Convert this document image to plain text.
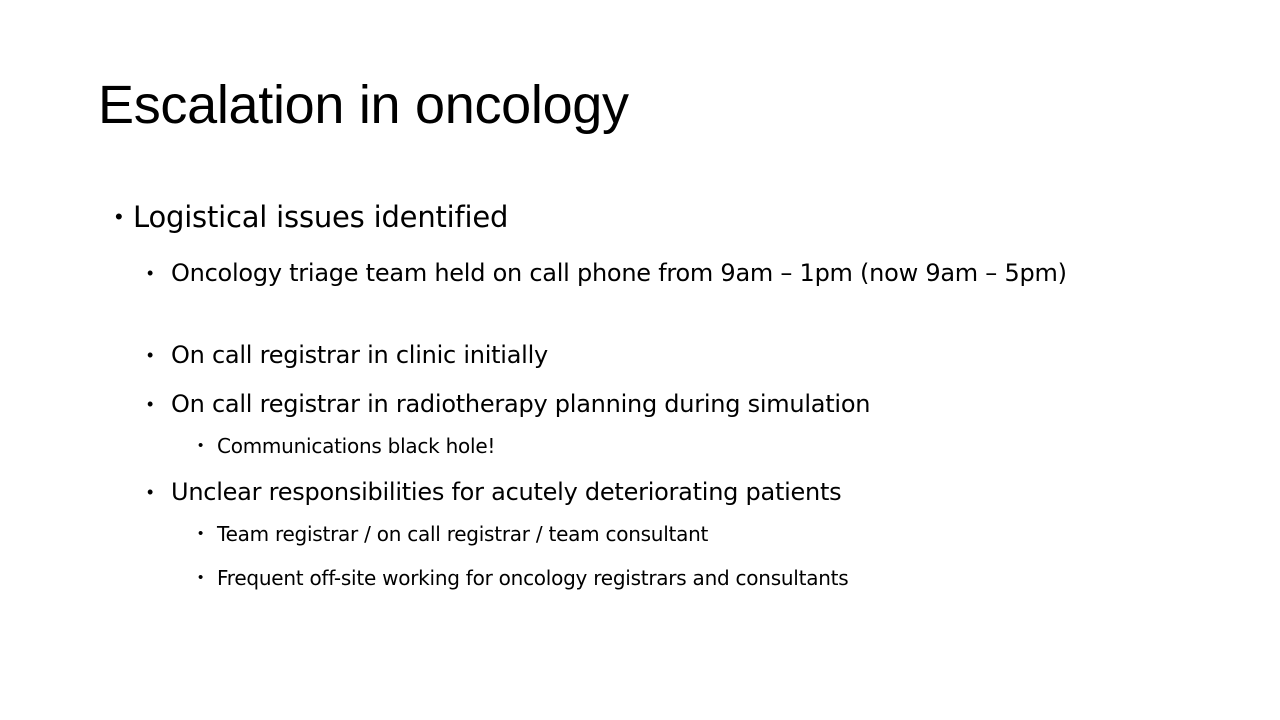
Escalation in oncology
• Logistical issues identified
• Oncology triage team held on call phone from 9am – 1pm (now 9am – 5pm)
• On call registrar in clinic initially
• On call registrar in radiotherapy planning during simulation
• Communications black hole!
• Unclear responsibilities for acutely deteriorating patients
• Team registrar / on call registrar / team consultant
• Frequent off-site working for oncology registrars and consultants
